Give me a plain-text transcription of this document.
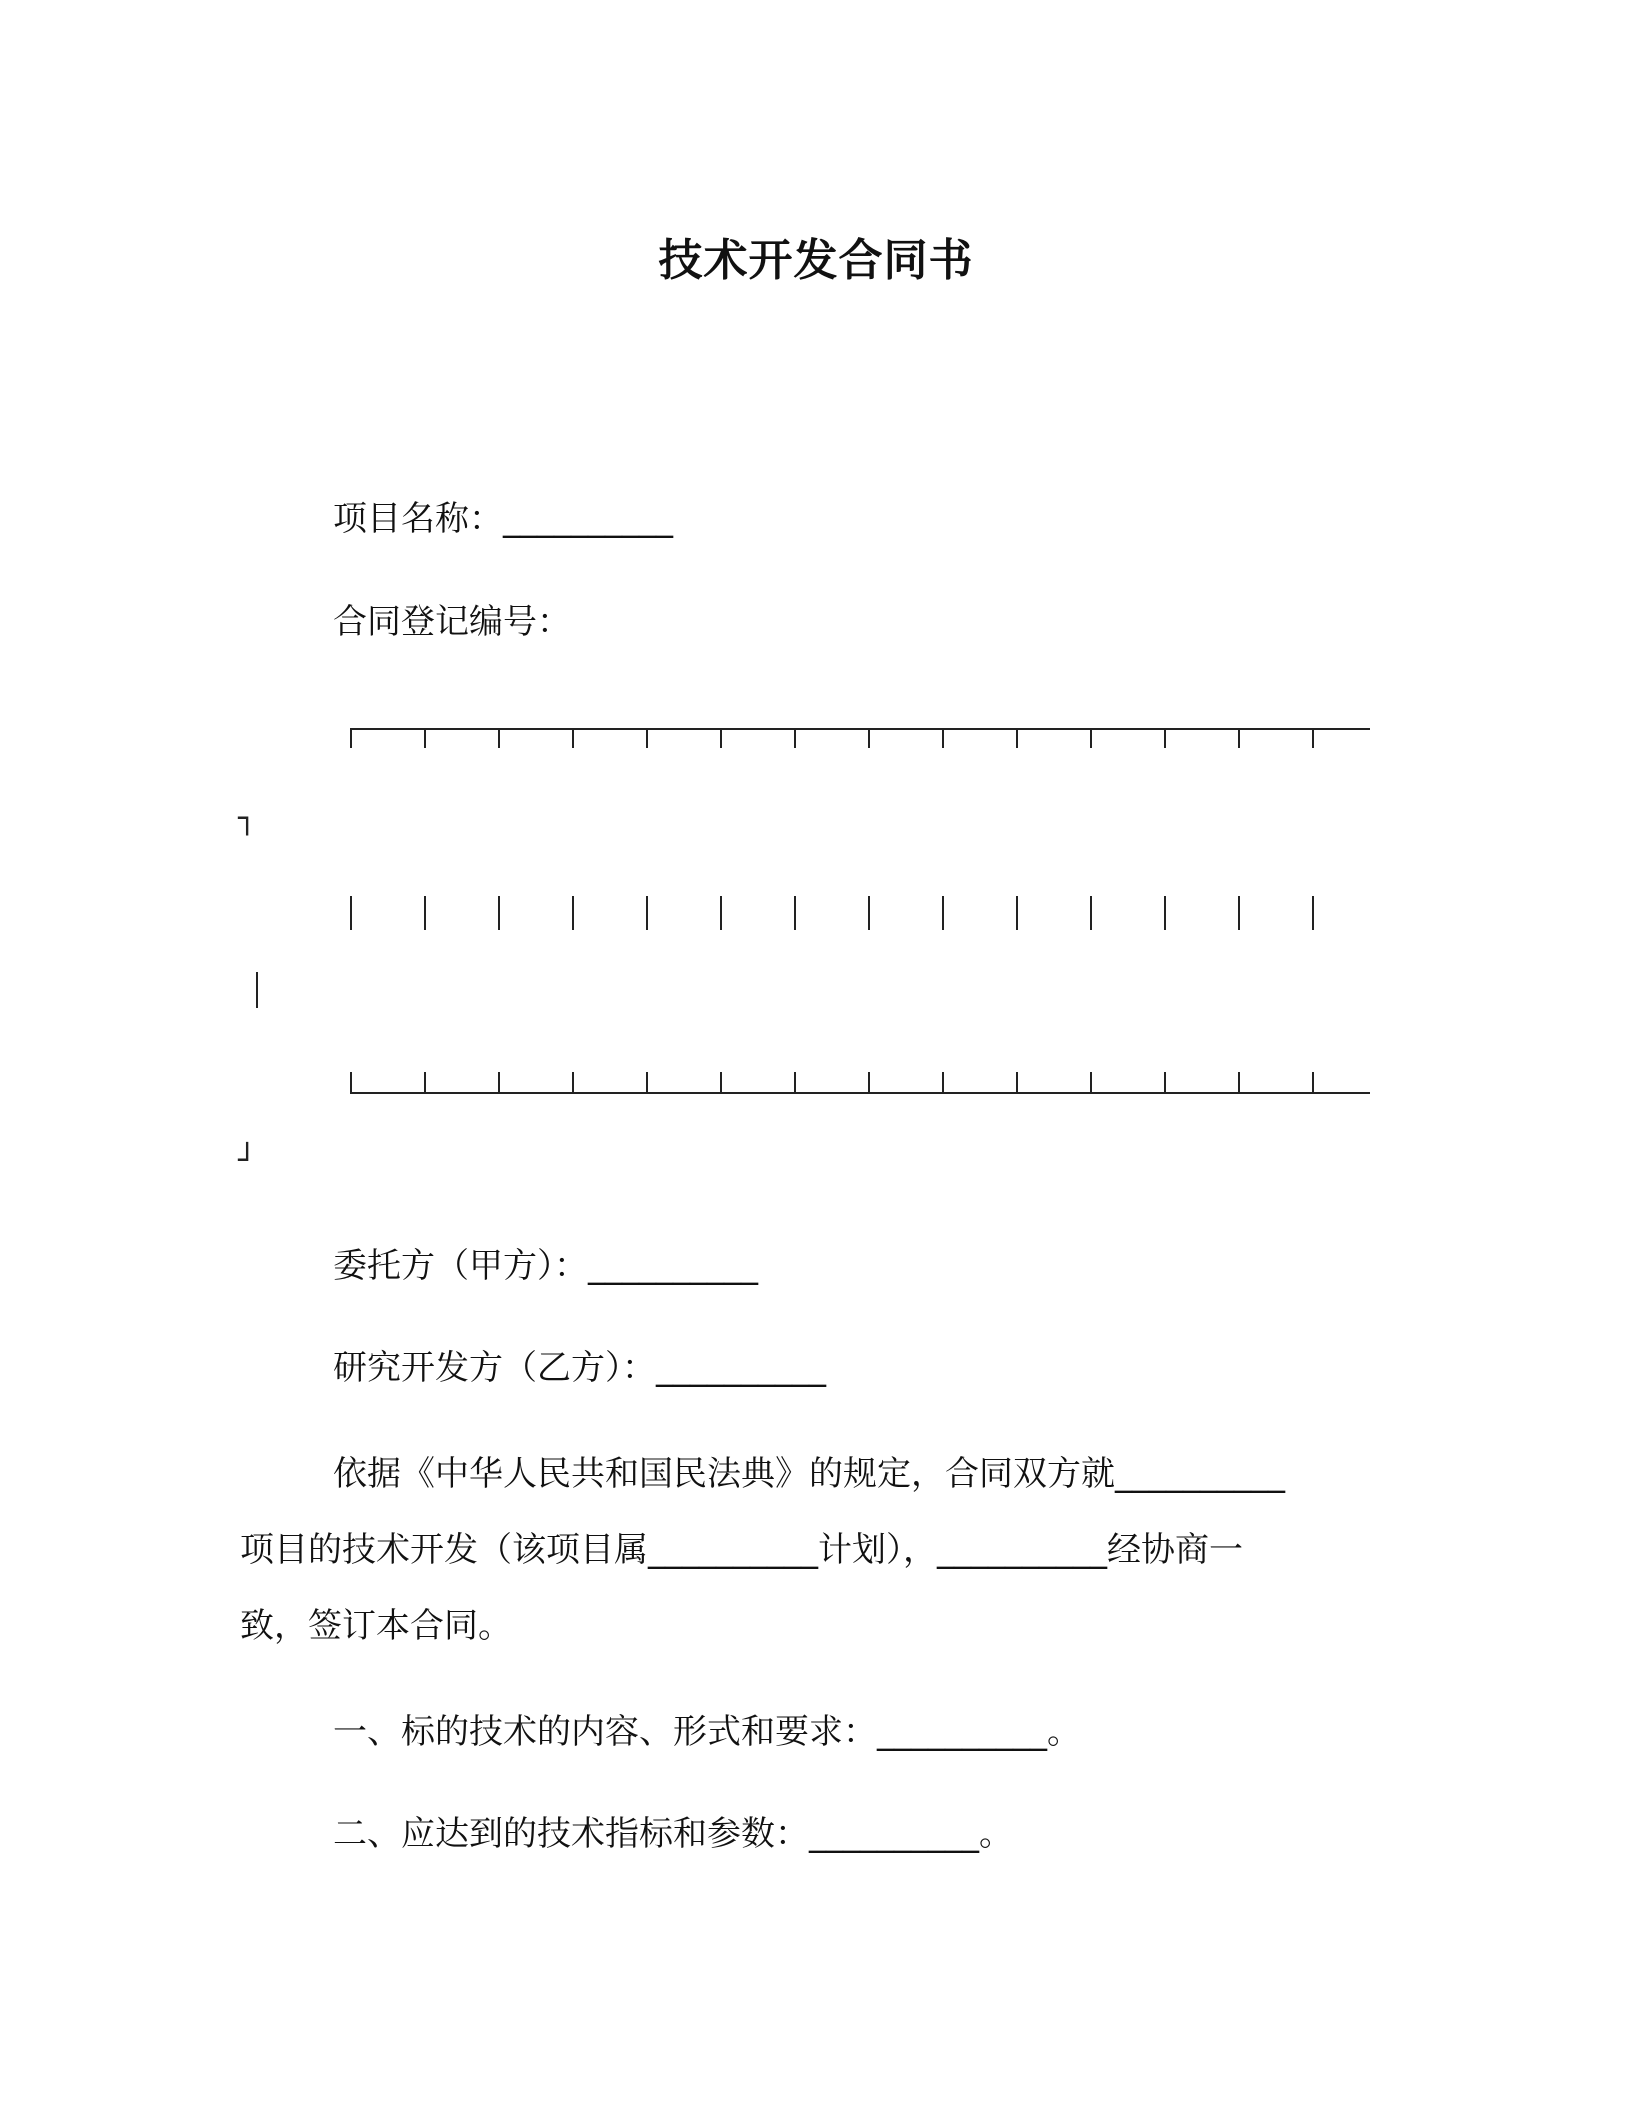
技术开发合同书
项目名称：__________
合同登记编号：
┐
┘
委托方（甲方）：__________
研究开发方（乙方）：__________
依据《中华人民共和国民法典》的规定，合同双方就__________
项目的技术开发（该项目属__________计划），__________经协商一
致，签订本合同。
一、标的技术的内容、形式和要求：__________。
二、应达到的技术指标和参数：__________。
